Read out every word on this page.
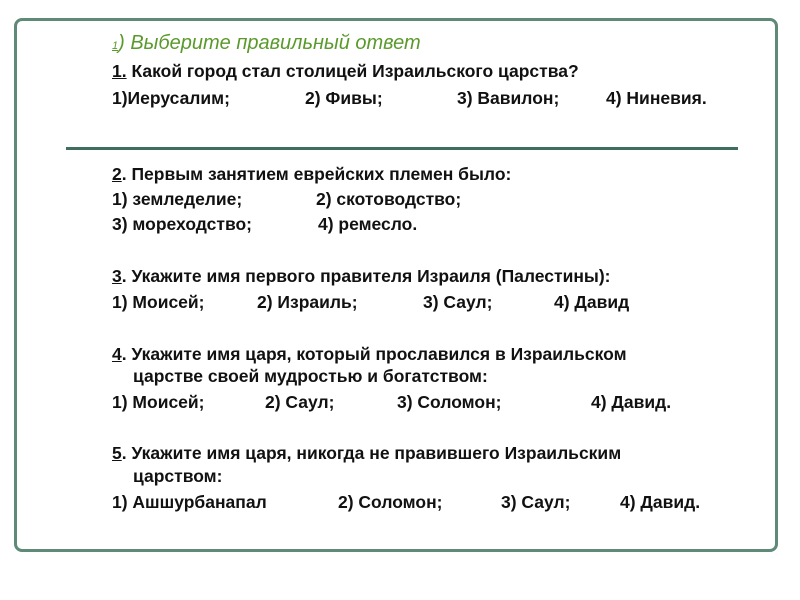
1) Выберите правильный ответ
1. Какой город стал столицей Израильского царства?
1)Иерусалим;	2) Фивы;	3) Вавилон;	4) Ниневия.
2. Первым занятием еврейских племен было:
1) земледелие;	2) скотоводство;
3) мореходство;	4) ремесло.
3. Укажите имя первого правителя Израиля (Палестины):
1) Моисей;	2) Израиль;	3) Саул;	4) Давид
4. Укажите имя царя, который прославился в Израильском
царстве своей мудростью и богатством:
1) Моисей;	2) Саул;	3) Соломон;	4) Давид.
5. Укажите имя царя, никогда не правившего Израильским
царством:
1) Ашшурбанапал	2) Соломон;	3) Саул;	4) Давид.
